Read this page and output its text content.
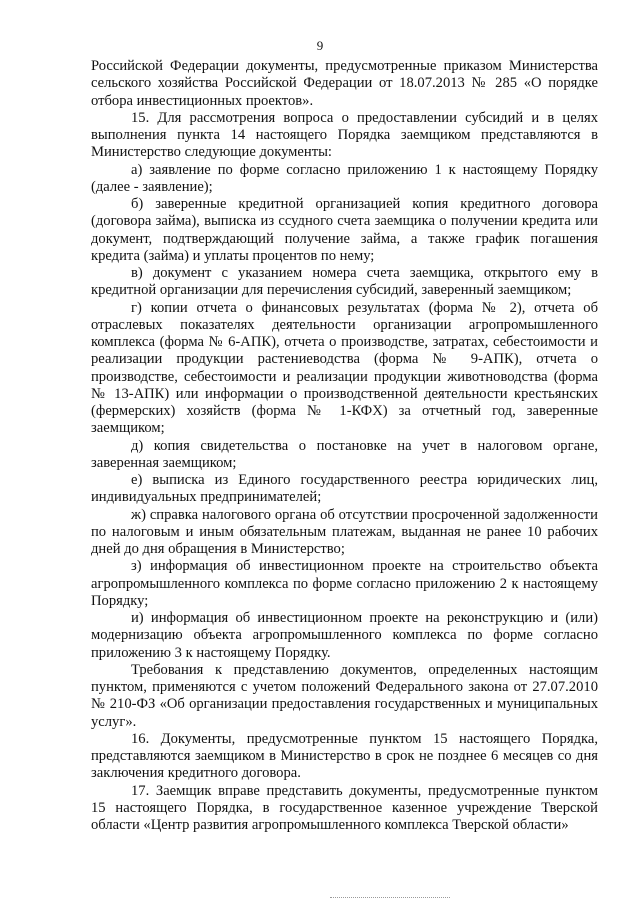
9

Российской Федерации документы, предусмотренные приказом Министерства сельского хозяйства Российской Федерации от 18.07.2013 № 285 «О порядке отбора инвестиционных проектов».

15. Для рассмотрения вопроса о предоставлении субсидий и в целях выполнения пункта 14 настоящего Порядка заемщиком представляются в Министерство следующие документы:

а) заявление по форме согласно приложению 1 к настоящему Порядку (далее - заявление);

б) заверенные кредитной организацией копия кредитного договора (договора займа), выписка из ссудного счета заемщика о получении кредита или документ, подтверждающий получение займа, а также график погашения кредита (займа) и уплаты процентов по нему;

в) документ с указанием номера счета заемщика, открытого ему в кредитной организации для перечисления субсидий, заверенный заемщиком;

г) копии отчета о финансовых результатах (форма № 2), отчета об отраслевых показателях деятельности организации агропромышленного комплекса (форма № 6-АПК), отчета о производстве, затратах, себестоимости и реализации продукции растениеводства (форма № 9-АПК), отчета о производстве, себестоимости и реализации продукции животноводства (форма № 13-АПК) или информации о производственной деятельности крестьянских (фермерских) хозяйств (форма № 1-КФХ) за отчетный год, заверенные заемщиком;

д) копия свидетельства о постановке на учет в налоговом органе, заверенная заемщиком;

е) выписка из Единого государственного реестра юридических лиц, индивидуальных предпринимателей;

ж) справка налогового органа об отсутствии просроченной задолженности по налоговым и иным обязательным платежам, выданная не ранее 10 рабочих дней до дня обращения в Министерство;

з) информация об инвестиционном проекте на строительство объекта агропромышленного комплекса по форме согласно приложению 2 к настоящему Порядку;

и) информация об инвестиционном проекте на реконструкцию и (или) модернизацию объекта агропромышленного комплекса по форме согласно приложению 3 к настоящему Порядку.

Требования к представлению документов, определенных настоящим пунктом, применяются с учетом положений Федерального закона от 27.07.2010 № 210-ФЗ «Об организации предоставления государственных и муниципальных услуг».

16. Документы, предусмотренные пунктом 15 настоящего Порядка, представляются заемщиком в Министерство в срок не позднее 6 месяцев со дня заключения кредитного договора.

17. Заемщик вправе представить документы, предусмотренные пунктом 15 настоящего Порядка, в государственное казенное учреждение Тверской области «Центр развития агропромышленного комплекса Тверской области»
